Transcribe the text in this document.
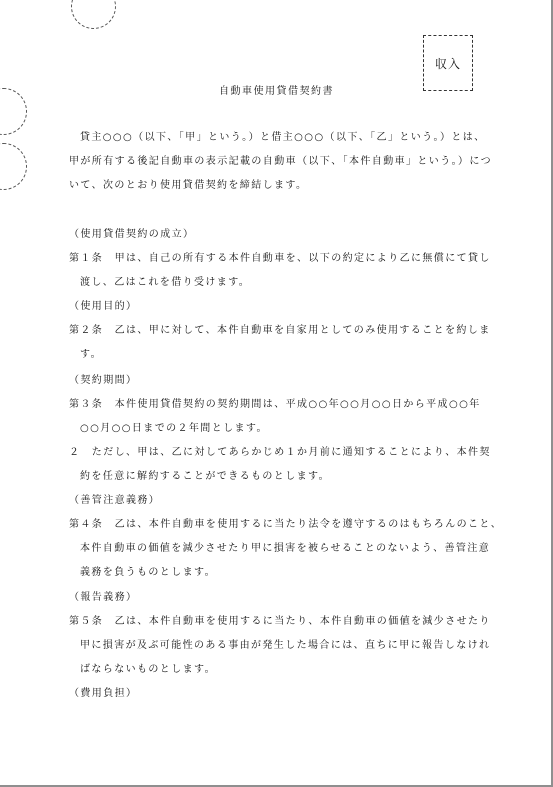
収入
自動車使用貸借契約書
貸主○○○（以下、「甲」という。）と借主○○○（以下、「乙」という。）とは、
甲が所有する後記自動車の表示記載の自動車（以下、「本件自動車」という。）につ
いて、次のとおり使用貸借契約を締結します。
（使用貸借契約の成立）
第１条　甲は、自己の所有する本件自動車を、以下の約定により乙に無償にて貸し
渡し、乙はこれを借り受けます。
（使用目的）
第２条　乙は、甲に対して、本件自動車を自家用としてのみ使用することを約しま
す。
（契約期間）
第３条　本件使用貸借契約の契約期間は、平成○○年○○月○○日から平成○○年
○○月○○日までの２年間とします。
２　ただし、甲は、乙に対してあらかじめ１か月前に通知することにより、本件契
約を任意に解約することができるものとします。
（善管注意義務）
第４条　乙は、本件自動車を使用するに当たり法令を遵守するのはもちろんのこと、
本件自動車の価値を減少させたり甲に損害を被らせることのないよう、善管注意
義務を負うものとします。
（報告義務）
第５条　乙は、本件自動車を使用するに当たり、本件自動車の価値を減少させたり
甲に損害が及ぶ可能性のある事由が発生した場合には、直ちに甲に報告しなけれ
ばならないものとします。
（費用負担）
